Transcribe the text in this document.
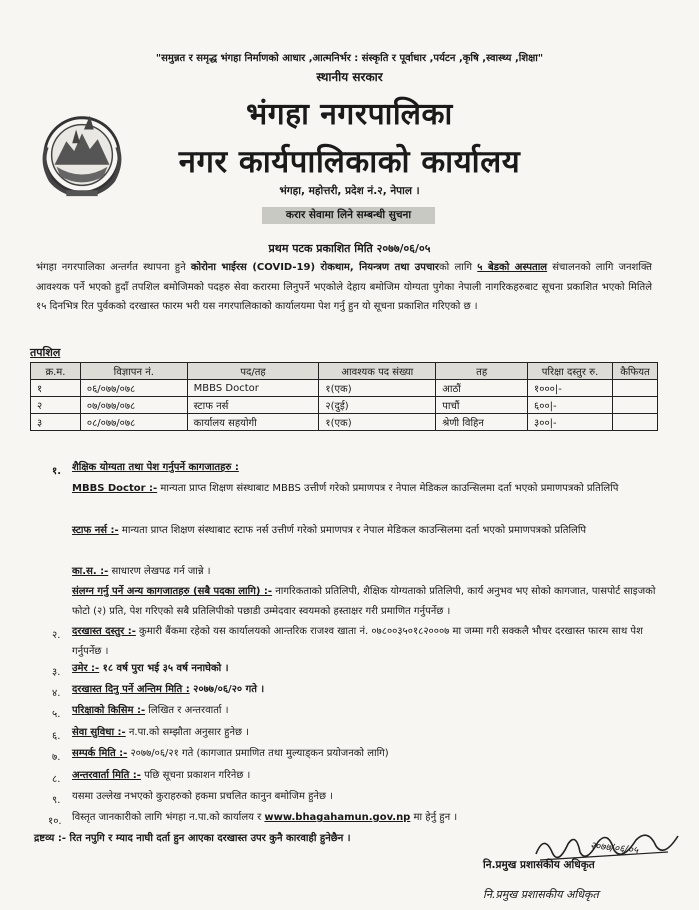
"समुन्नत र समृद्ध भंगहा निर्माणको आधार ,आत्मनिर्भर : संस्कृति र पूर्वाधार ,पर्यटन ,कृषि ,स्वास्थ्य ,शिक्षा"
स्थानीय सरकार
भंगहा नगरपालिका
नगर कार्यपालिकाको कार्यालय
भंगहा, महोत्तरी, प्रदेश नं.२, नेपाल ।
करार सेवामा लिने सम्बन्धी सुचना
प्रथम पटक प्रकाशित मिति २०७७/०६/०५
भंगहा नगरपालिका अन्तर्गत स्थापना हुने कोरोना भाईरस (COVID-19) रोकथाम, नियन्त्रण तथा उपचारको लागि ५ बेडको अस्पताल संचालनको लागि जनशक्ति आवश्यक पर्ने भएको हुदाँ तपशिल बमोजिमको पदहरु सेवा करारमा लिनुपर्ने भएकोले देहाय बमोजिम योग्यता पुगेका नेपाली नागरिकहरुबाट सूचना प्रकाशित भएको मितिले १५ दिनभित्र रित पुर्वकको दरखास्त फारम भरी यस नगरपालिकाको कार्यालयमा पेश गर्नु हुन यो सूचना प्रकाशित गरिएको छ ।
तपशिल
क्र.म.	विज्ञापन नं.	पद/तह	आवश्यक पद संख्या	तह	परिक्षा दस्तुर रु.	कैफियत
१	०६/०७७/०७८	MBBS Doctor	१(एक)	आठौं	१०००|-	
२	०७/०७७/०७८	स्टाफ नर्स	२(दुई)	पाचौं	६००|-	
३	०८/०७७/०७८	कार्यालय सहयोगी	१(एक)	श्रेणी विहिन	३००|-	
१. शैक्षिक योग्यता तथा पेश गर्नुपर्ने कागजातहरु :
MBBS Doctor :- मान्यता प्राप्त शिक्षण संस्थाबाट MBBS उत्तीर्ण गरेको प्रमाणपत्र र नेपाल मेडिकल काउन्सिलमा दर्ता भएको प्रमाणपत्रको प्रतिलिपि
स्टाफ नर्स :- मान्यता प्राप्त शिक्षण संस्थाबाट स्टाफ नर्स उत्तीर्ण गरेको प्रमाणपत्र र नेपाल मेडिकल काउन्सिलमा दर्ता भएको प्रमाणपत्रको प्रतिलिपि
का.स. :- साधारण लेखपढ गर्न जान्ने ।
संलग्न गर्नु पर्ने अन्य कागजातहरु (सबै पदका लागि) :- नागरिकताको प्रतिलिपी, शैक्षिक योग्यताको प्रतिलिपी, कार्य अनुभव भए सोको कागजात, पासपोर्ट साइजको फोटो (२) प्रति, पेश गरिएको सबै प्रतिलिपीको पछाडी उम्मेदवार स्वयमको हस्ताक्षर गरी प्रमाणित गर्नुपर्नेछ ।
२. दरखास्त दस्तुर :- कुमारी बैंकमा रहेको यस कार्यालयको आन्तरिक राजश्व खाता नं. ०७८००३५०१८२०००७ मा जम्मा गरी सक्कलै भौचर दरखास्त फारम साथ पेश गर्नुपर्नेछ ।
३. उमेर :- १८ वर्ष पुरा भई ३५ वर्ष ननाघेको ।
४. दरखास्त दिनु पर्ने अन्तिम मिति : २०७७/०६/२० गते ।
५. परिक्षाको किसिम :- लिखित र अन्तरवार्ता ।
६. सेवा सुविधा :- न.पा.को सम्झौता अनुसार हुनेछ ।
७. सम्पर्क मिति :- २०७७/०६/२१ गते (कागजात प्रमाणित तथा मुल्याड्कन प्रयोजनको लागि)
८. अन्तरवार्ता मिति :- पछि सूचना प्रकाशन गरिनेछ ।
९. यसमा उल्लेख नभएको कुराहरुको हकमा प्रचलित कानुन बमोजिम हुनेछ ।
१०. विस्तृत जानकारीको लागि भंगहा न.पा.को कार्यालय र www.bhagahamun.gov.np मा हेर्नु हुन ।
द्रष्टव्य :- रित नपुगि र म्याद नाघी दर्ता हुन आएका दरखास्त उपर कुनै कारवाही हुनेछैन ।
२०७७/०६/०५
नि.प्रमुख प्रशासकीय अधिकृत
नि.प्रमुख प्रशासकीय अधिकृत
